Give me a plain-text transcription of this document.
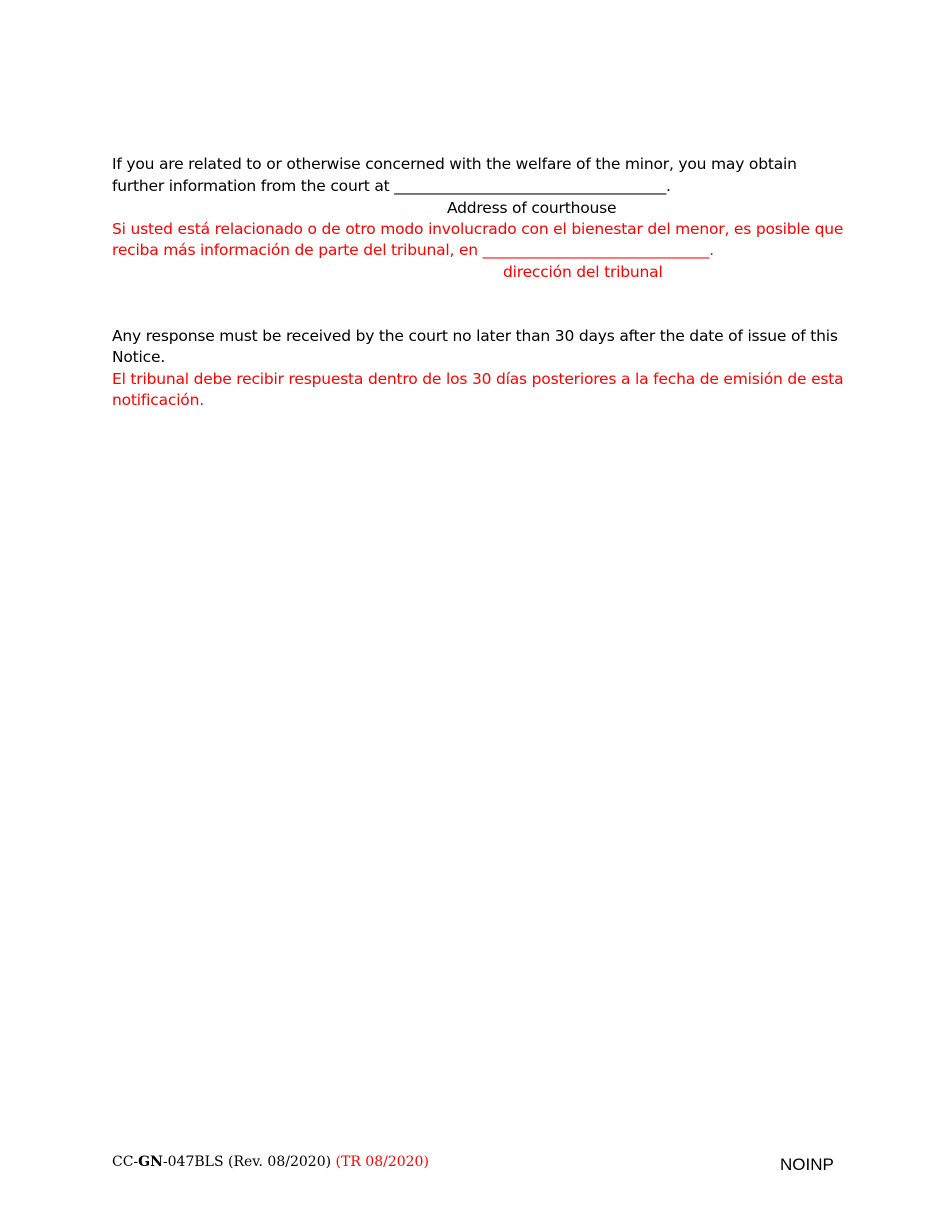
If you are related to or otherwise concerned with the welfare of the minor, you may obtain
further information from the court at ____________________________________.
Address of courthouse
Si usted está relacionado o de otro modo involucrado con el bienestar del menor, es posible que
reciba más información de parte del tribunal, en ______________________________.
dirección del tribunal
Any response must be received by the court no later than 30 days after the date of issue of this
Notice.
El tribunal debe recibir respuesta dentro de los 30 días posteriores a la fecha de emisión de esta
notificación.
CC-GN-047BLS (Rev. 08/2020) (TR 08/2020)	NOINP
